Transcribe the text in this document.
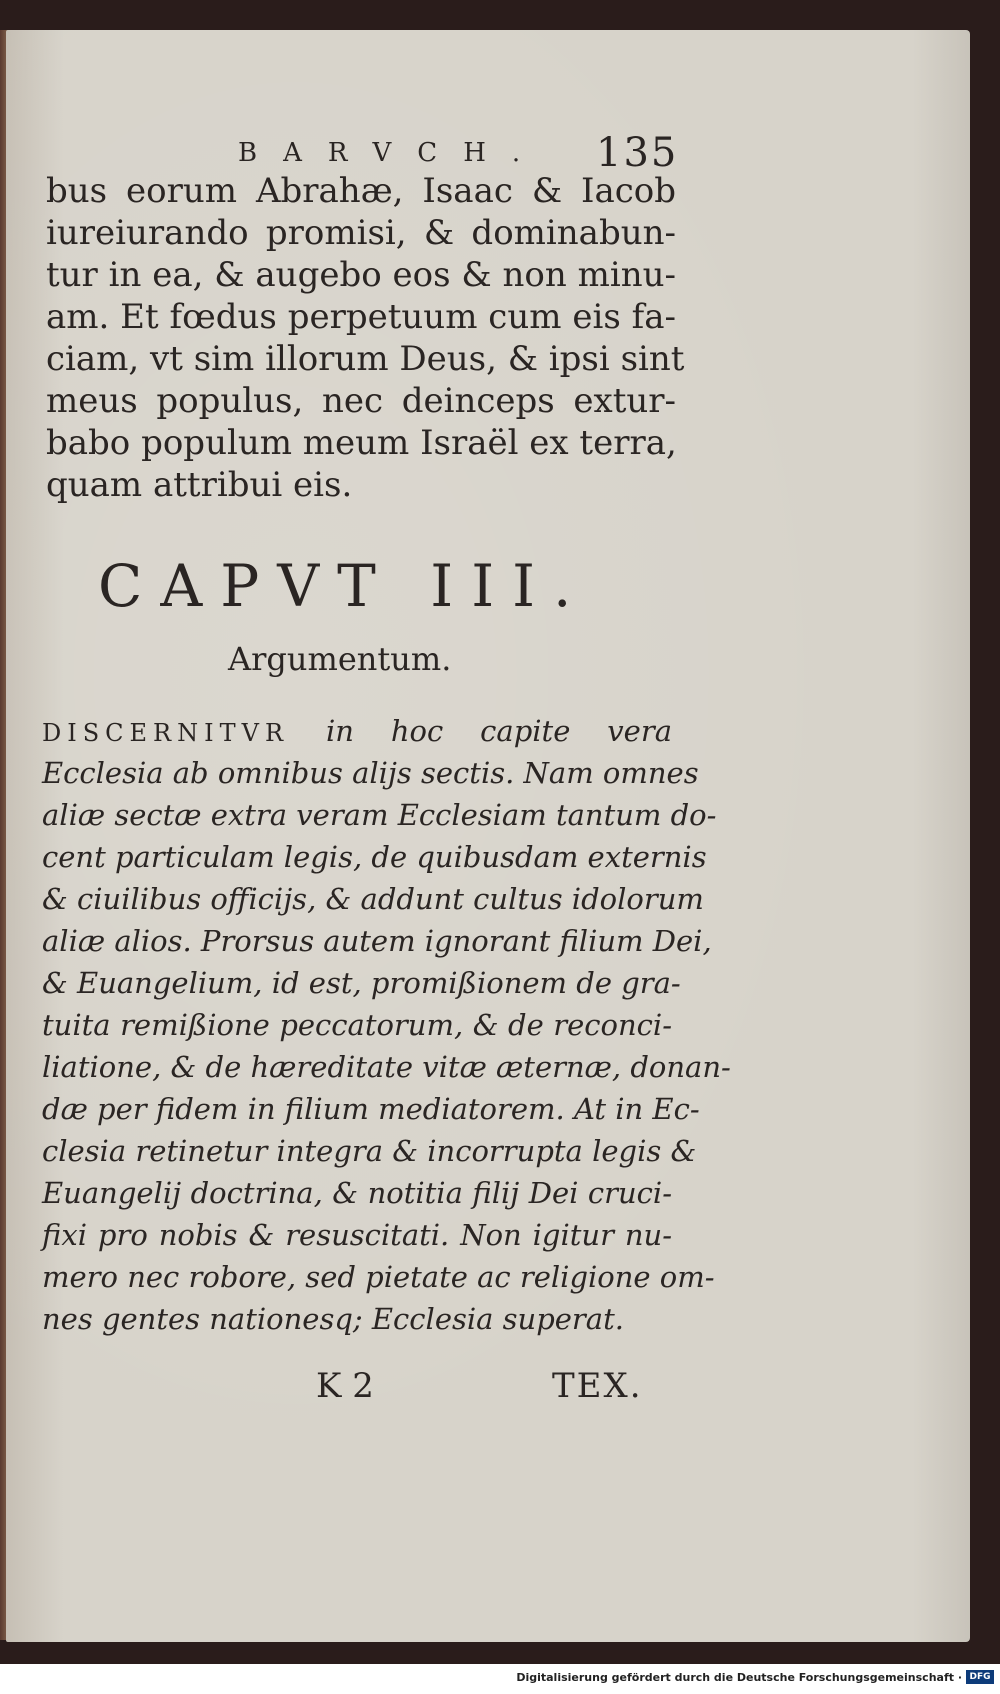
BARVCH. 135
bus eorum Abrahæ, Isaac & Iacob
iureiurando promisi, & dominabun-
tur in ea, & augebo eos & non minu-
am. Et fœdus perpetuum cum eis fa-
ciam, vt sim illorum Deus, & ipsi sint
meus populus, nec deinceps extur-
babo populum meum Israël ex terra,
quam attribui eis.
CAPVT III.
Argumentum.
DISCERNITVR in hoc capite vera
Ecclesia ab omnibus alijs sectis. Nam omnes
aliæ sectæ extra veram Ecclesiam tantum do-
cent particulam legis, de quibusdam externis
& ciuilibus officijs, & addunt cultus idolorum
aliæ alios. Prorsus autem ignorant filium Dei,
& Euangelium, id est, promißionem de gra-
tuita remißione peccatorum, & de reconci-
liatione, & de hæreditate vitæ æternæ, donan-
dæ per fidem in filium mediatorem. At in Ec-
clesia retinetur integra & incorrupta legis &
Euangelij doctrina, & notitia filij Dei cruci-
fixi pro nobis & resuscitati. Non igitur nu-
mero nec robore, sed pietate ac religione om-
nes gentes nationesq; Ecclesia superat.
K 2	TEX.
Digitalisierung gefördert durch die Deutsche Forschungsgemeinschaft · DFG
